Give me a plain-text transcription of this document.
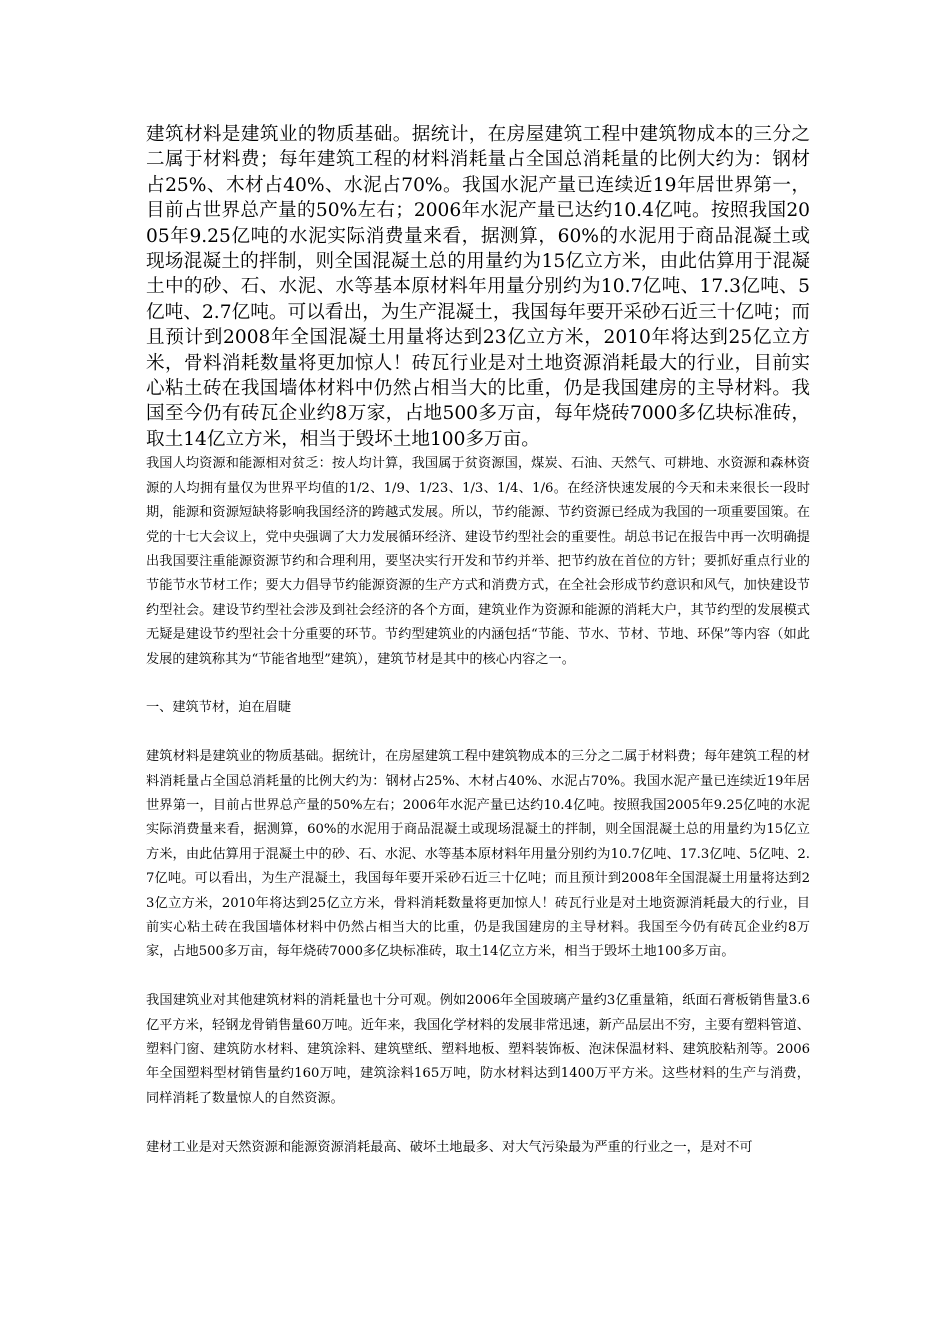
建筑材料是建筑业的物质基础。据统计，在房屋建筑工程中建筑物成本的三分之二属于材料费；每年建筑工程的材料消耗量占全国总消耗量的比例大约为：钢材占25%、木材占40%、水泥占70%。我国水泥产量已连续近19年居世界第一，目前占世界总产量的50%左右；2006年水泥产量已达约10.4亿吨。按照我国2005年9.25亿吨的水泥实际消费量来看，据测算，60%的水泥用于商品混凝土或现场混凝土的拌制，则全国混凝土总的用量约为15亿立方米，由此估算用于混凝土中的砂、石、水泥、水等基本原材料年用量分别约为10.7亿吨、17.3亿吨、5亿吨、2.7亿吨。可以看出，为生产混凝土，我国每年要开采砂石近三十亿吨；而且预计到2008年全国混凝土用量将达到23亿立方米，2010年将达到25亿立方米，骨料消耗数量将更加惊人！砖瓦行业是对土地资源消耗最大的行业，目前实心粘土砖在我国墙体材料中仍然占相当大的比重，仍是我国建房的主导材料。我国至今仍有砖瓦企业约8万家，占地500多万亩，每年烧砖7000多亿块标准砖，取土14亿立方米，相当于毁坏土地100多万亩。

我国人均资源和能源相对贫乏：按人均计算，我国属于贫资源国，煤炭、石油、天然气、可耕地、水资源和森林资源的人均拥有量仅为世界平均值的1/2、1/9、1/23、1/3、1/4、1/6。在经济快速发展的今天和未来很长一段时期，能源和资源短缺将影响我国经济的跨越式发展。所以，节约能源、节约资源已经成为我国的一项重要国策。在党的十七大会议上，党中央强调了大力发展循环经济、建设节约型社会的重要性。胡总书记在报告中再一次明确提出我国要注重能源资源节约和合理利用，要坚决实行开发和节约并举、把节约放在首位的方针；要抓好重点行业的节能节水节材工作；要大力倡导节约能源资源的生产方式和消费方式，在全社会形成节约意识和风气，加快建设节约型社会。建设节约型社会涉及到社会经济的各个方面，建筑业作为资源和能源的消耗大户，其节约型的发展模式无疑是建设节约型社会十分重要的环节。节约型建筑业的内涵包括“节能、节水、节材、节地、环保”等内容（如此发展的建筑称其为“节能省地型”建筑），建筑节材是其中的核心内容之一。

一、建筑节材，迫在眉睫

建筑材料是建筑业的物质基础。据统计，在房屋建筑工程中建筑物成本的三分之二属于材料费；每年建筑工程的材料消耗量占全国总消耗量的比例大约为：钢材占25%、木材占40%、水泥占70%。我国水泥产量已连续近19年居世界第一，目前占世界总产量的50%左右；2006年水泥产量已达约10.4亿吨。按照我国2005年9.25亿吨的水泥实际消费量来看，据测算，60%的水泥用于商品混凝土或现场混凝土的拌制，则全国混凝土总的用量约为15亿立方米，由此估算用于混凝土中的砂、石、水泥、水等基本原材料年用量分别约为10.7亿吨、17.3亿吨、5亿吨、2.7亿吨。可以看出，为生产混凝土，我国每年要开采砂石近三十亿吨；而且预计到2008年全国混凝土用量将达到23亿立方米，2010年将达到25亿立方米，骨料消耗数量将更加惊人！砖瓦行业是对土地资源消耗最大的行业，目前实心粘土砖在我国墙体材料中仍然占相当大的比重，仍是我国建房的主导材料。我国至今仍有砖瓦企业约8万家，占地500多万亩，每年烧砖7000多亿块标准砖，取土14亿立方米，相当于毁坏土地100多万亩。

我国建筑业对其他建筑材料的消耗量也十分可观。例如2006年全国玻璃产量约3亿重量箱，纸面石膏板销售量3.6亿平方米，轻钢龙骨销售量60万吨。近年来，我国化学材料的发展非常迅速，新产品层出不穷，主要有塑料管道、塑料门窗、建筑防水材料、建筑涂料、建筑壁纸、塑料地板、塑料装饰板、泡沫保温材料、建筑胶粘剂等。2006年全国塑料型材销售量约160万吨，建筑涂料165万吨，防水材料达到1400万平方米。这些材料的生产与消费，同样消耗了数量惊人的自然资源。

建材工业是对天然资源和能源资源消耗最高、破坏土地最多、对大气污染最为严重的行业之一，是对不可
